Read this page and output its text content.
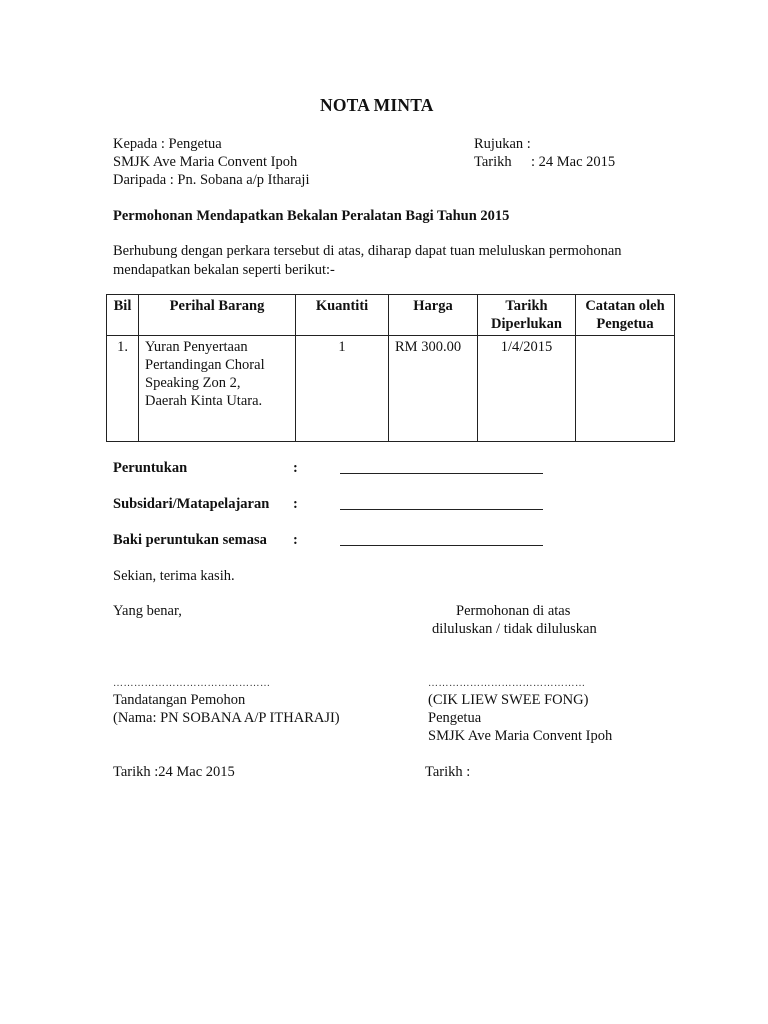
NOTA MINTA
Kepada : Pengetua
SMJK Ave Maria Convent Ipoh
Daripada : Pn. Sobana a/p Itharaji
Rujukan :
Tarikh : 24 Mac 2015
Permohonan Mendapatkan Bekalan Peralatan Bagi Tahun 2015
Berhubung dengan perkara tersebut di atas, diharap dapat tuan meluluskan permohonan
mendapatkan bekalan seperti berikut:-
Bil	Perihal Barang	Kuantiti	Harga	Tarikh Diperlukan	Catatan oleh Pengetua
1.	Yuran Penyertaan
Pertandingan Choral
Speaking Zon 2,
Daerah Kinta Utara.	1	RM 300.00	1/4/2015	
Peruntukan	:
Subsidari/Matapelajaran :
Baki peruntukan semasa :
Sekian, terima kasih.
Yang benar,	Permohonan di atas
diluluskan / tidak diluluskan
………………………………………	………………………………………
Tandatangan Pemohon
(Nama: PN SOBANA A/P ITHARAJI)
(CIK LIEW SWEE FONG)
Pengetua
SMJK Ave Maria Convent Ipoh
Tarikh :24 Mac 2015	Tarikh :
